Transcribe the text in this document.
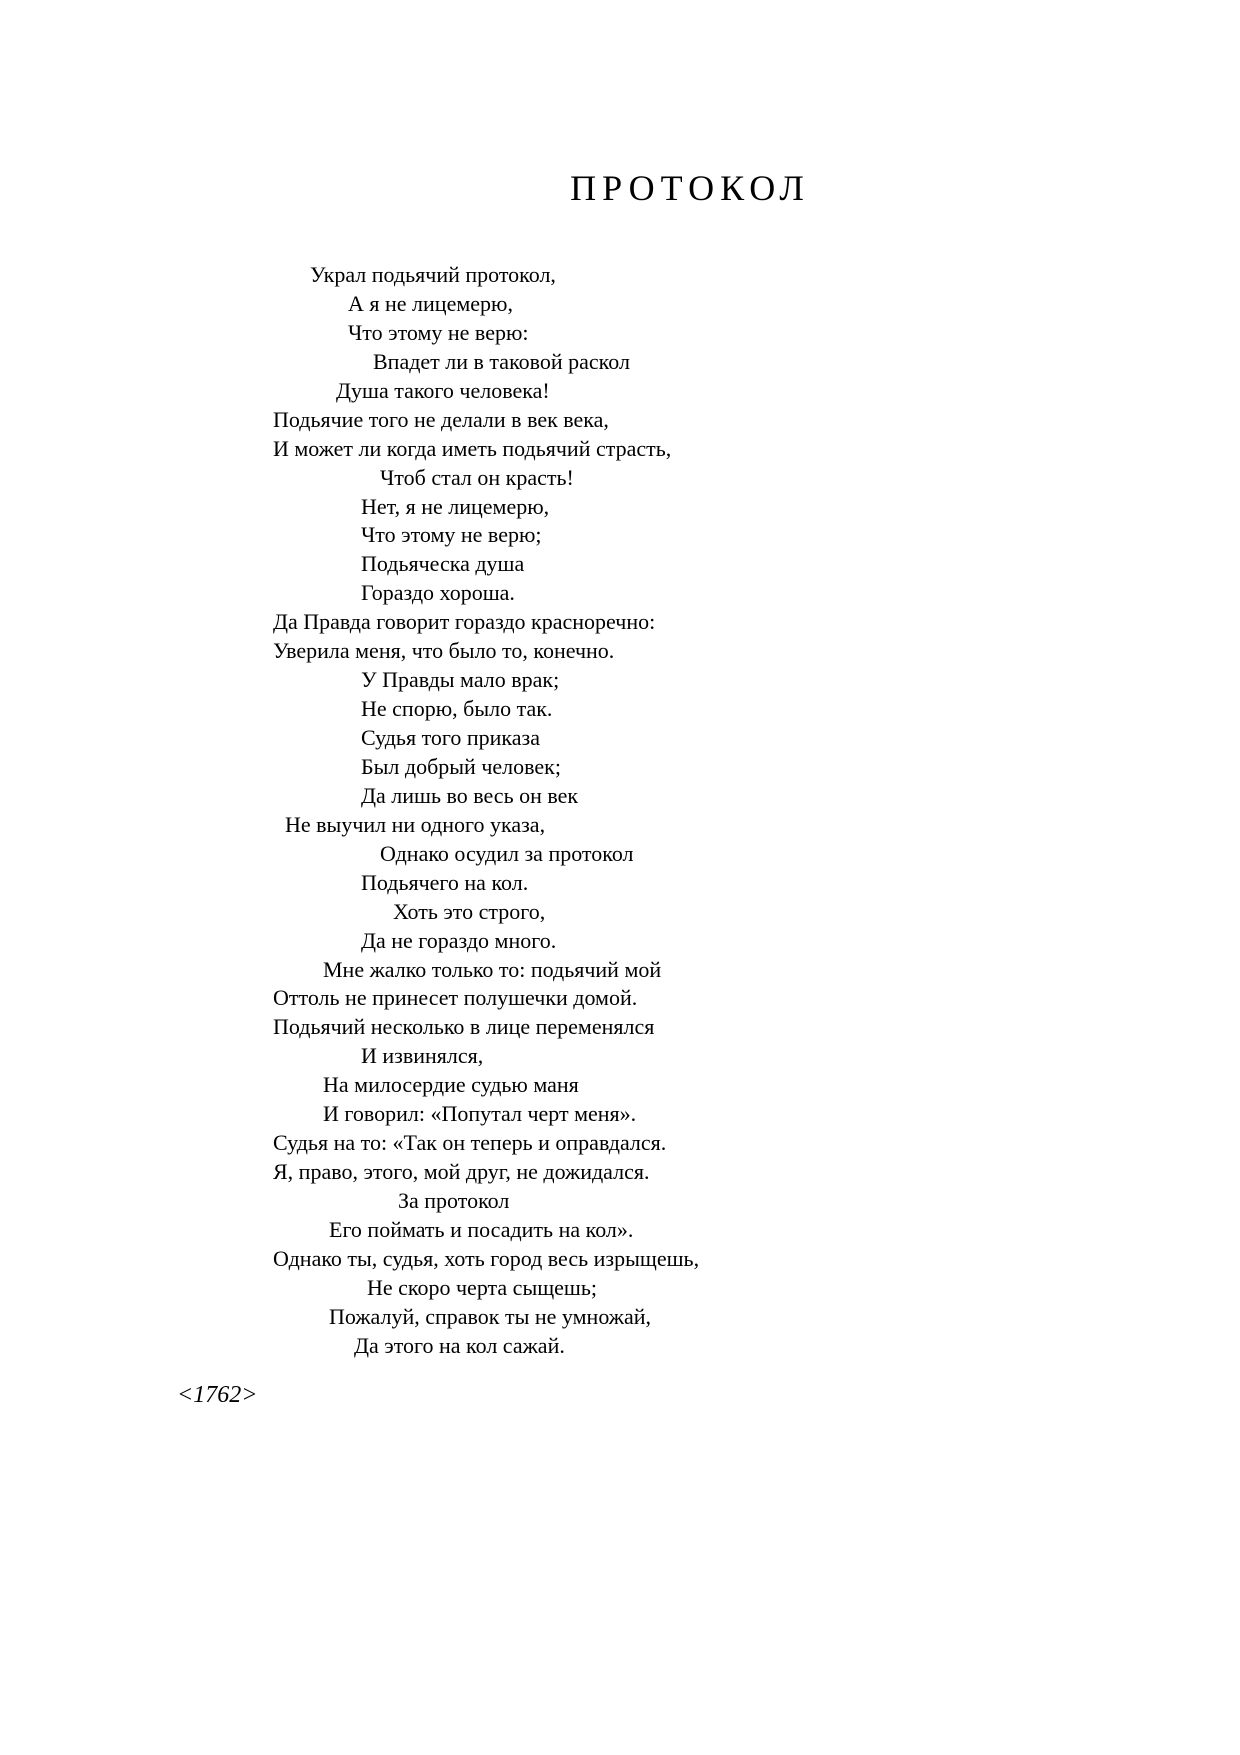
ПРОТОКОЛ
Украл подьячий протокол,
А я не лицемерю,
Что этому не верю:
Впадет ли в таковой раскол
Душа такого человека!
Подьячие того не делали в век века,
И может ли когда иметь подьячий страсть,
Чтоб стал он красть!
Нет, я не лицемерю,
Что этому не верю;
Подьяческа душа
Гораздо хороша.
Да Правда говорит гораздо красноречно:
Уверила меня, что было то, конечно.
У Правды мало врак;
Не спорю, было так.
Судья того приказа
Был добрый человек;
Да лишь во весь он век
Не выучил ни одного указа,
Однако осудил за протокол
Подьячего на кол.
Хоть это строго,
Да не гораздо много.
Мне жалко только то: подьячий мой
Оттоль не принесет полушечки домой.
Подьячий несколько в лице переменялся
И извинялся,
На милосердие судью маня
И говорил: «Попутал черт меня».
Судья на то: «Так он теперь и оправдался.
Я, право, этого, мой друг, не дожидался.
За протокол
Его поймать и посадить на кол».
Однако ты, судья, хоть город весь изрыщешь,
Не скоро черта сыщешь;
Пожалуй, справок ты не умножай,
Да этого на кол сажай.
<1762>
